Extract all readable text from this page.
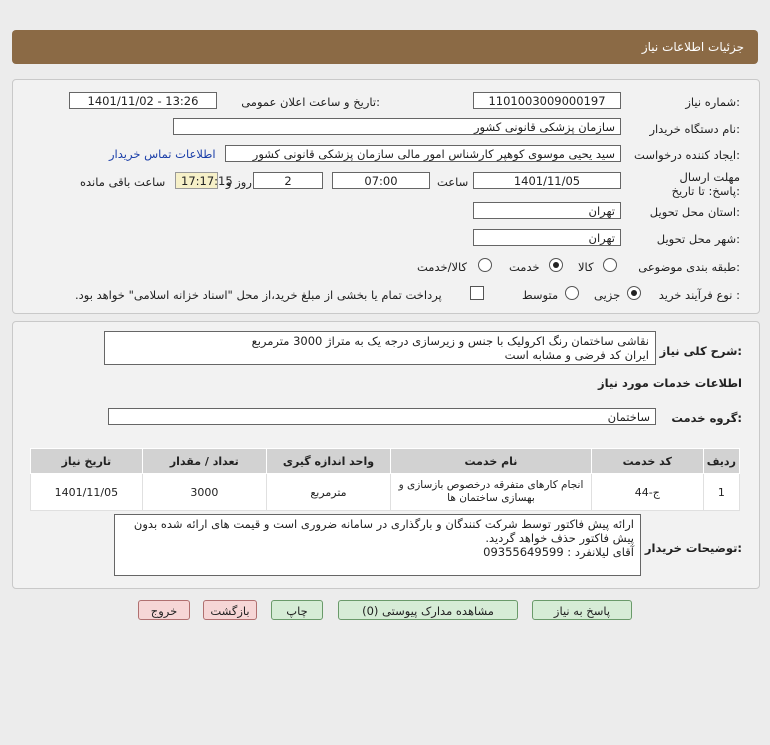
جزئیات اطلاعات نیاز
شماره نیاز:
1101003009000197
تاریخ و ساعت اعلان عمومی:
1401/11/02 - 13:26
نام دستگاه خریدار:
سازمان پزشکی قانونی کشور
ایجاد کننده درخواست:
سید یحیی موسوی کوهپر کارشناس امور مالی سازمان پزشکی قانونی کشور
اطلاعات تماس خریدار
مهلت ارسال پاسخ: تا تاریخ:
1401/11/05
ساعت
07:00
2
روز و
17:17:15
ساعت باقی مانده
استان محل تحویل:
تهران
شهر محل تحویل:
تهران
طبقه بندی موضوعی:
کالا
خدمت
کالا/خدمت
نوع فرآیند خرید :
جزیی
متوسط
پرداخت تمام یا بخشی از مبلغ خرید،از محل "اسناد خزانه اسلامی" خواهد بود.
شرح کلی نیاز:
نقاشی ساختمان رنگ اکرولیک با جنس و زیرسازی درجه یک به متراژ 3000 مترمربع
ایران کد فرضی و مشابه است
اطلاعات خدمات مورد نیاز
گروه خدمت:
ساختمان
ردیف	کد خدمت	نام خدمت	واحد اندازه گیری	تعداد / مقدار	تاریخ نیاز
1	ج-44	انجام کارهای متفرقه درخصوص بازسازی و بهسازی ساختمان ها	مترمربع	3000	1401/11/05
توضیحات خریدار:
ارائه پیش فاکتور توسط شرکت کنندگان و بارگذاری در سامانه ضروری است و قیمت های ارائه شده بدون
پیش فاکتور حذف خواهد گردید.
آقای لیلانفرد : 09355649599
پاسخ به نیاز
مشاهده مدارک پیوستی (0)
چاپ
بازگشت
خروج
